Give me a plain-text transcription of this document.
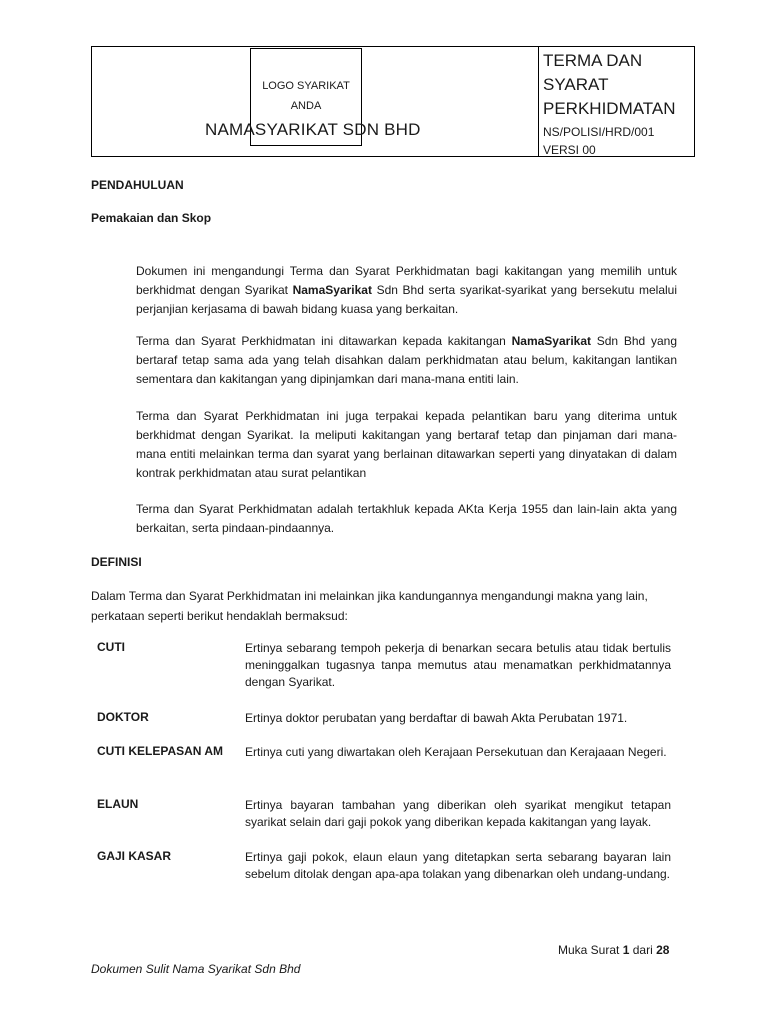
LOGO SYARIKAT
ANDA
NAMASYARIKAT SDN BHD
TERMA DAN
SYARAT
PERKHIDMATAN
NS/POLISI/HRD/001
VERSI 00
PENDAHULUAN
Pemakaian dan Skop

Dokumen ini mengandungi Terma dan Syarat Perkhidmatan bagi kakitangan yang memilih untuk berkhidmat dengan Syarikat NamaSyarikat Sdn Bhd serta syarikat-syarikat yang bersekutu melalui perjanjian kerjasama di bawah bidang kuasa yang berkaitan.

Terma dan Syarat Perkhidmatan ini ditawarkan kepada kakitangan NamaSyarikat Sdn Bhd yang bertaraf tetap sama ada yang telah disahkan dalam perkhidmatan atau belum, kakitangan lantikan sementara dan kakitangan yang dipinjamkan dari mana-mana entiti lain.

Terma dan Syarat Perkhidmatan ini juga terpakai kepada pelantikan baru yang diterima untuk berkhidmat dengan Syarikat. Ia meliputi kakitangan yang bertaraf tetap dan pinjaman dari mana-mana entiti melainkan terma dan syarat yang berlainan ditawarkan seperti yang dinyatakan di dalam kontrak perkhidmatan atau surat pelantikan

Terma dan Syarat Perkhidmatan adalah tertakhluk kepada AKta Kerja 1955 dan lain-lain akta yang berkaitan, serta pindaan-pindaannya.

DEFINISI

Dalam Terma dan Syarat Perkhidmatan ini melainkan jika kandungannya mengandungi makna yang lain, perkataan seperti berikut hendaklah bermaksud:

CUTI	Ertinya sebarang tempoh pekerja di benarkan secara betulis atau tidak bertulis meninggalkan tugasnya tanpa memutus atau menamatkan perkhidmatannya dengan Syarikat.

DOKTOR	Ertinya doktor perubatan yang berdaftar di bawah Akta Perubatan 1971.

CUTI KELEPASAN AM Ertinya cuti yang diwartakan oleh Kerajaan Persekutuan dan Kerajaaan Negeri.

ELAUN	Ertinya bayaran tambahan yang diberikan oleh syarikat mengikut tetapan syarikat selain dari gaji pokok yang diberikan kepada kakitangan yang layak.

GAJI KASAR	Ertinya gaji pokok, elaun elaun yang ditetapkan serta sebarang bayaran lain sebelum ditolak dengan apa-apa tolakan yang dibenarkan oleh undang-undang.

Muka Surat 1 dari 28
Dokumen Sulit Nama Syarikat Sdn Bhd
